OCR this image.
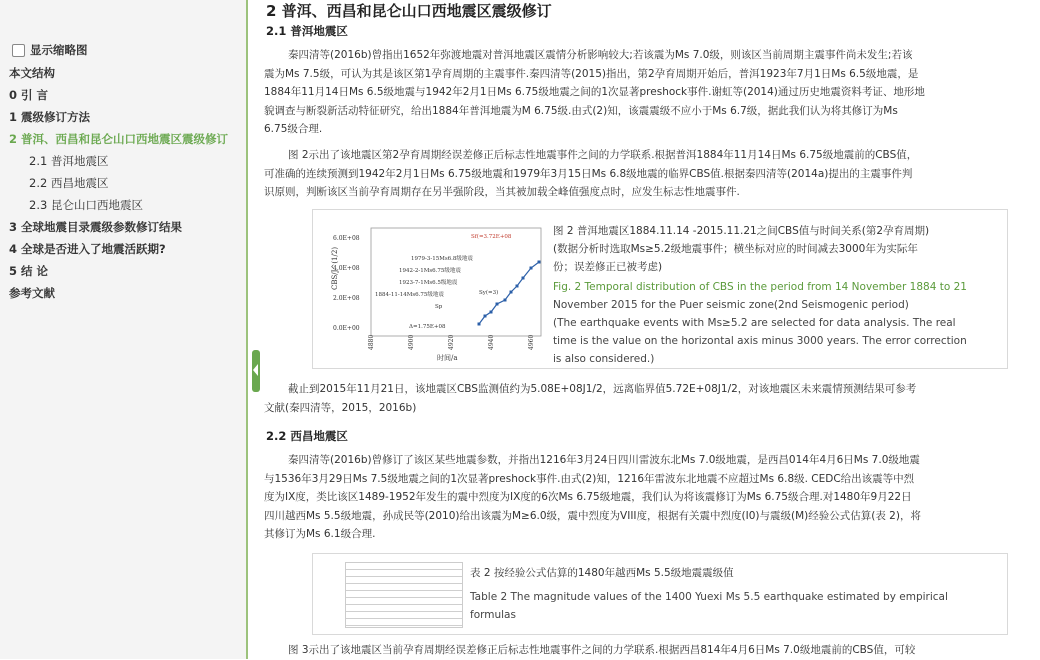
显示缩略图
本文结构
0 引 言
1 震级修订方法
2 普洱、西昌和昆仑山口西地震区震级修订
2.1 普洱地震区
2.2 西昌地震区
2.3 昆仑山口西地震区
3 全球地震目录震级参数修订结果
4 全球是否进入了地震活跃期?
5 结 论
参考文献
2 普洱、西昌和昆仑山口西地震区震级修订
2.1 普洱地震区
秦四清等(2016b)曾指出1652年弥渡地震对普洱地震区震情分析影响较大;若该震为Ms 7.0级，则该区当前周期主震事件尚未发生;若该
震为Ms 7.5级，可认为其是该区第1孕育周期的主震事件.秦四清等(2015)指出，第2孕育周期开始后，普洱1923年7月1日Ms 6.5级地震，是
1884年11月14日Ms 6.5级地震与1942年2月1日Ms 6.75级地震之间的1次显著preshock事件.谢虹等(2014)通过历史地震资料考证、地形地
貌调查与断裂新活动特征研究，给出1884年普洱地震为M 6.75级.由式(2)知，该震震级不应小于Ms 6.7级，据此我们认为将其修订为Ms
6.75级合理.
图 2示出了该地震区第2孕育周期经误差修正后标志性地震事件之间的力学联系.根据普洱1884年11月14日Ms 6.75级地震前的CBS值，
可准确的连续预测到1942年2月1日Ms 6.75级地震和1979年3月15日Ms 6.8级地震的临界CBS值.根据秦四清等(2014a)提出的主震事件判
识原则，判断该区当前孕育周期存在另半强阶段，当其被加载全峰值强度点时，应发生标志性地震事件.
6.0E+08
4.0E+08
2.0E+08
0.0E+00
4880	4900	4920	4940	4960
1979-3-15Ms6.8级地震
1942-2-1Ms6.75级地震
1923-7-1Ms6.5级地震
1884-11-14Ms6.75级地震
Sf(=3.72E+08
Sy(=3)
Sp
Δ=1.75E+08
CBS/J^(1/2)
时间/a
图 2 普洱地震区1884.11.14 -2015.11.21之间CBS值与时间关系(第2孕育周期)
(数据分析时选取Ms≥5.2级地震事件；横坐标对应的时间减去3000年为实际年
份；误差修正已被考虑)
Fig. 2 Temporal distribution of CBS in the period from 14 November 1884 to 21
November 2015 for the Puer seismic zone(2nd Seismogenic period)
(The earthquake events with Ms≥5.2 are selected for data analysis. The real
time is the value on the horizontal axis minus 3000 years. The error correction
is also considered.)
截止到2015年11月21日，该地震区CBS监测值约为5.08E+08J1/2，远离临界值5.72E+08J1/2，对该地震区未来震情预测结果可参考
文献(秦四清等，2015，2016b)
2.2 西昌地震区
秦四清等(2016b)曾修订了该区某些地震参数，并指出1216年3月24日四川雷波东北Ms 7.0级地震，是西昌014年4月6日Ms 7.0级地震
与1536年3月29日Ms 7.5级地震之间的1次显著preshock事件.由式(2)知，1216年雷波东北地震不应超过Ms 6.8级. CEDC给出该震等中烈
度为IX度，类比该区1489-1952年发生的震中烈度为IX度的6次Ms 6.75级地震，我们认为将该震修订为Ms 6.75级合理.对1480年9月22日
四川越西Ms 5.5级地震，孙成民等(2010)给出该震为M≥6.0级，震中烈度为VIII度，根据有关震中烈度(I0)与震级(M)经验公式估算(表 2)，将
其修订为Ms 6.1级合理.
表 2 按经验公式估算的1480年越西Ms 5.5级地震震级值
Table 2 The magnitude values of the 1400 Yuexi Ms 5.5 earthquake estimated by empirical
formulas
图 3示出了该地震区当前孕育周期经误差修正后标志性地震事件之间的力学联系.根据西昌814年4月6日Ms 7.0级地震前的CBS值，可较
